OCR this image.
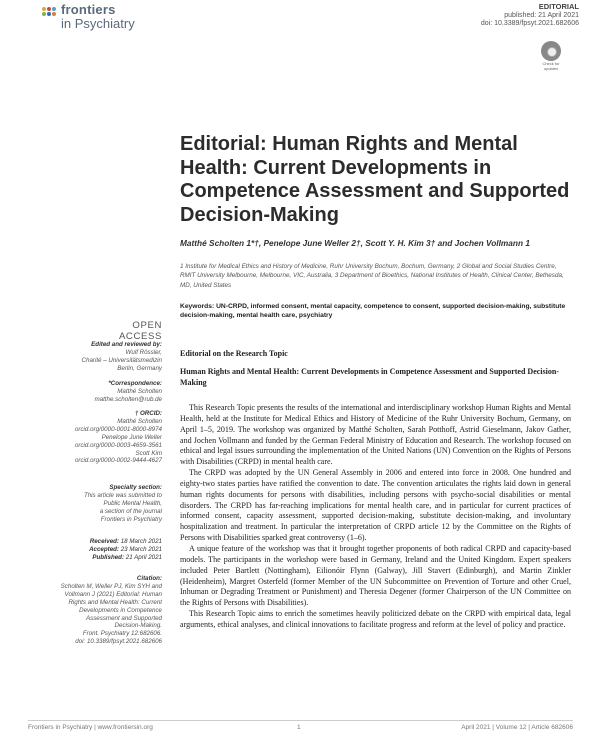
frontiers
in Psychiatry
EDITORIAL
published: 21 April 2021
doi: 10.3389/fpsyt.2021.682606
Check for updates
Editorial: Human Rights and Mental Health: Current Developments in Competence Assessment and Supported Decision-Making
Matthé Scholten 1*†, Penelope June Weller 2†, Scott Y. H. Kim 3† and Jochen Vollmann 1
1 Institute for Medical Ethics and History of Medicine, Ruhr University Bochum, Bochum, Germany, 2 Global and Social Studies Centre, RMIT University Melbourne, Melbourne, VIC, Australia, 3 Department of Bioethics, National Institutes of Health, Clinical Center, Bethesda, MD, United States
Keywords: UN-CRPD, informed consent, mental capacity, competence to consent, supported decision-making, substitute decision-making, mental health care, psychiatry
OPEN ACCESS
Edited and reviewed by:
Wulf Rössler,
Charité – Universitätsmedizin
Berlin, Germany
*Correspondence:
Matthé Scholten
matthe.scholten@rub.de
† ORCID:
Matthé Scholten
orcid.org/0000-0001-8000-8974
Penelope June Weller
orcid.org/0000-0003-4659-3561
Scott Kim
orcid.org/0000-0002-9444-4627
Specialty section:
This article was submitted to
Public Mental Health,
a section of the journal
Frontiers in Psychiatry
Received: 18 March 2021
Accepted: 23 March 2021
Published: 21 April 2021
Citation:
Scholten M, Weller PJ, Kim SYH and
Vollmann J (2021) Editorial: Human
Rights and Mental Health: Current
Developments in Competence
Assessment and Supported
Decision-Making.
Front. Psychiatry 12:682606.
doi: 10.3389/fpsyt.2021.682606
Editorial on the Research Topic
Human Rights and Mental Health: Current Developments in Competence Assessment and Supported Decision-Making

This Research Topic presents the results of the international and interdisciplinary workshop Human Rights and Mental Health, held at the Institute for Medical Ethics and History of Medicine of the Ruhr University Bochum, Germany, on April 1–5, 2019. The workshop was organized by Matthé Scholten, Sarah Potthoff, Astrid Gieselmann, Jakov Gather, and Jochen Vollmann and funded by the German Federal Ministry of Education and Research. The workshop focused on ethical and legal issues surrounding the implementation of the United Nations (UN) Convention on the Rights of Persons with Disabilities (CRPD) in mental health care.

The CRPD was adopted by the UN General Assembly in 2006 and entered into force in 2008. One hundred and eighty-two states parties have ratified the convention to date. The convention articulates the rights laid down in general human rights documents for persons with disabilities, including persons with psycho-social disabilities or mental disorders. The CRPD has far-reaching implications for mental health care, and in particular for current practices of informed consent, capacity assessment, supported decision-making, substitute decision-making, and involuntary hospitalization and treatment. In particular the interpretation of CRPD article 12 by the Committee on the Rights of Persons with Disabilities sparked great controversy (1–6).

A unique feature of the workshop was that it brought together proponents of both radical CRPD and capacity-based models. The participants in the workshop were based in Germany, Ireland and the United Kingdom. Expert speakers included Peter Bartlett (Nottingham), Eilionóir Flynn (Galway), Jill Stavert (Edinburgh), and Martin Zinkler (Heidenheim), Margret Osterfeld (former Member of the UN Subcommittee on Prevention of Torture and other Cruel, Inhuman or Degrading Treatment or Punishment) and Theresia Degener (former Chairperson of the UN Committee on the Rights of Persons with Disabilities).

This Research Topic aims to enrich the sometimes heavily politicized debate on the CRPD with empirical data, legal arguments, ethical analyses, and clinical innovations to facilitate progress and reform at the level of policy and practice.

Frontiers in Psychiatry | www.frontiersin.org	1	April 2021 | Volume 12 | Article 682606
